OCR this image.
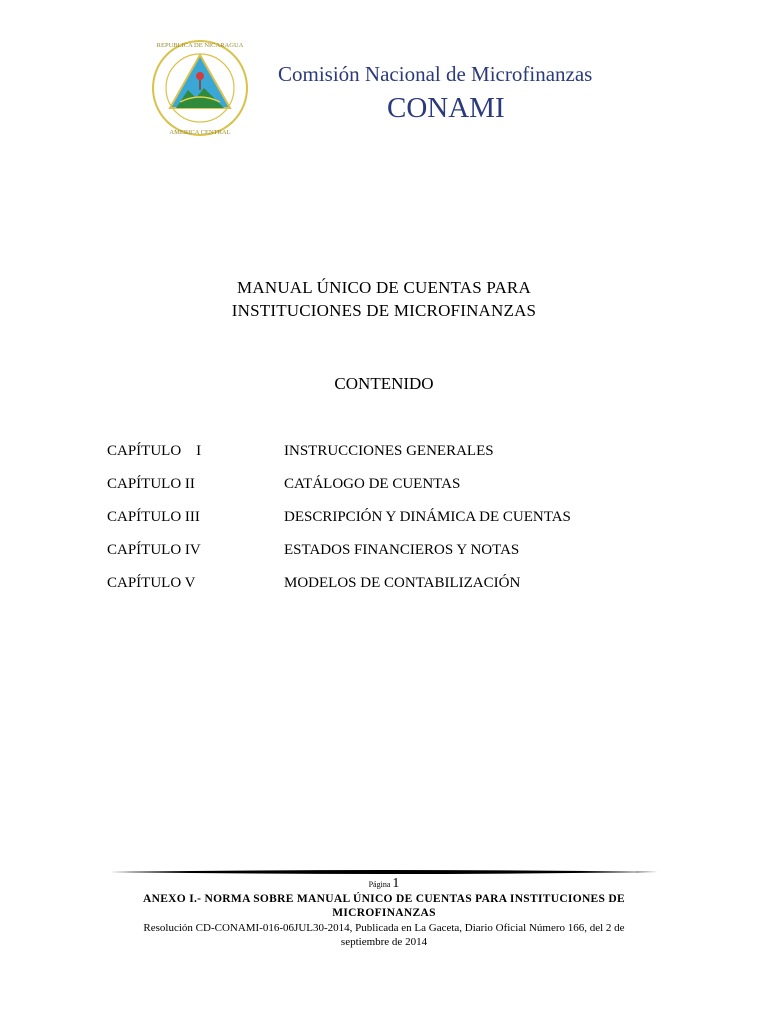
REPUBLICA DE NICARAGUA
AMERICA CENTRAL
Comisión Nacional de Microfinanzas
CONAMI
MANUAL ÚNICO DE CUENTAS PARA
INSTITUCIONES DE MICROFINANZAS
CONTENIDO
CAPÍTULO    I	INSTRUCCIONES GENERALES
CAPÍTULO II	CATÁLOGO DE CUENTAS
CAPÍTULO III	DESCRIPCIÓN Y DINÁMICA DE CUENTAS
CAPÍTULO IV	ESTADOS FINANCIEROS Y NOTAS
CAPÍTULO V	MODELOS DE CONTABILIZACIÓN
Página 1
ANEXO I.- NORMA SOBRE MANUAL ÚNICO DE CUENTAS PARA INSTITUCIONES DE
MICROFINANZAS
Resolución CD-CONAMI-016-06JUL30-2014, Publicada en La Gaceta, Diario Oficial Número 166, del 2 de
septiembre de 2014
